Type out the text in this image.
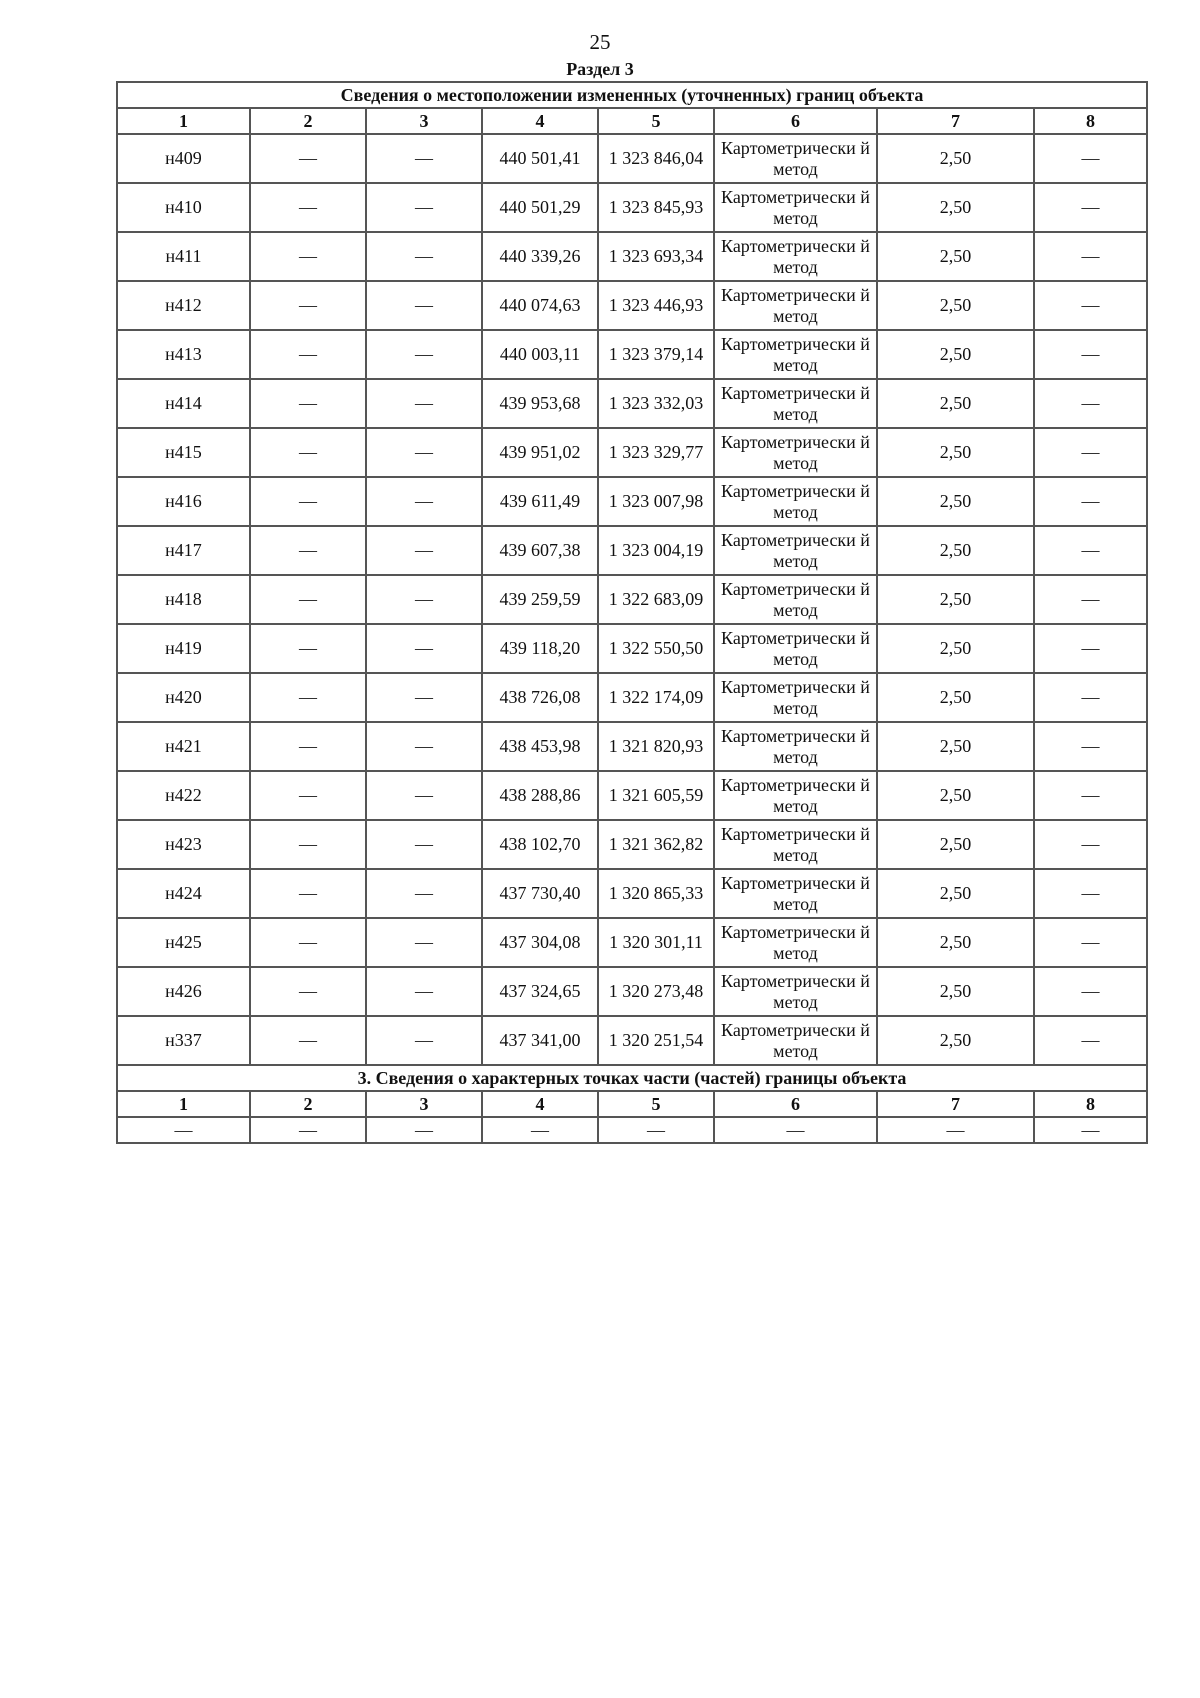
25
Раздел 3
Сведения о местоположении измененных (уточненных) границ объекта							
1	2	3	4	5	6	7	8
н409	—	—	440 501,41	1 323 846,04	Картометрически й метод	2,50	—
н410	—	—	440 501,29	1 323 845,93	Картометрически й метод	2,50	—
н411	—	—	440 339,26	1 323 693,34	Картометрически й метод	2,50	—
н412	—	—	440 074,63	1 323 446,93	Картометрически й метод	2,50	—
н413	—	—	440 003,11	1 323 379,14	Картометрически й метод	2,50	—
н414	—	—	439 953,68	1 323 332,03	Картометрически й метод	2,50	—
н415	—	—	439 951,02	1 323 329,77	Картометрически й метод	2,50	—
н416	—	—	439 611,49	1 323 007,98	Картометрически й метод	2,50	—
н417	—	—	439 607,38	1 323 004,19	Картометрически й метод	2,50	—
н418	—	—	439 259,59	1 322 683,09	Картометрически й метод	2,50	—
н419	—	—	439 118,20	1 322 550,50	Картометрически й метод	2,50	—
н420	—	—	438 726,08	1 322 174,09	Картометрически й метод	2,50	—
н421	—	—	438 453,98	1 321 820,93	Картометрически й метод	2,50	—
н422	—	—	438 288,86	1 321 605,59	Картометрически й метод	2,50	—
н423	—	—	438 102,70	1 321 362,82	Картометрически й метод	2,50	—
н424	—	—	437 730,40	1 320 865,33	Картометрически й метод	2,50	—
н425	—	—	437 304,08	1 320 301,11	Картометрически й метод	2,50	—
н426	—	—	437 324,65	1 320 273,48	Картометрически й метод	2,50	—
н337	—	—	437 341,00	1 320 251,54	Картометрически й метод	2,50	—
3. Сведения о характерных точках части (частей) границы объекта							
1	2	3	4	5	6	7	8
—	—	—	—	—	—	—	—
